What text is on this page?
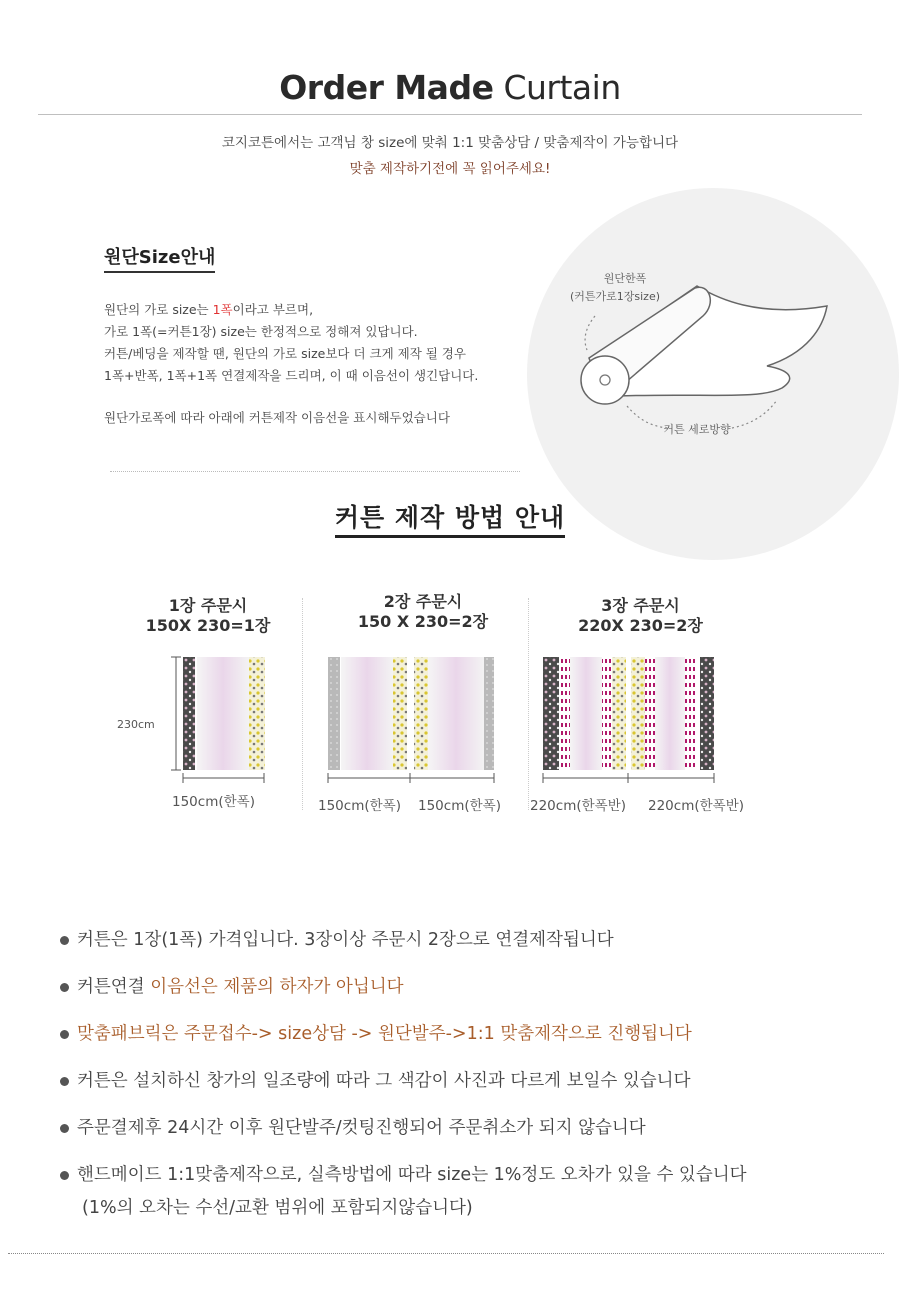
Order Made Curtain
코지코튼에서는 고객님 창 size에 맞춰 1:1 맞춤상담 / 맞춤제작이 가능합니다
맞춤 제작하기전에 꼭 읽어주세요!
원단Size안내
원단의 가로 size는 1폭이라고 부르며,
가로 1폭(=커튼1장) size는 한정적으로 정해져 있답니다.
커튼/베딩을 제작할 땐, 원단의 가로 size보다 더 크게 제작 될 경우
1폭+반폭, 1폭+1폭 연결제작을 드리며, 이 때 이음선이 생긴답니다.
원단가로폭에 따라 아래에 커튼제작 이음선을 표시해두었습니다
원단한폭
(커튼가로1장size)
커튼 세로방향
커튼 제작 방법 안내
1장 주문시
150X 230=1장
2장 주문시
150 X 230=2장
3장 주문시
220X 230=2장
230cm
150cm(한폭)	150cm(한폭) 150cm(한폭) 220cm(한폭반) 220cm(한폭반)
커튼은 1장(1폭) 가격입니다. 3장이상 주문시 2장으로 연결제작됩니다
커튼연결 이음선은 제품의 하자가 아닙니다
맞춤패브릭은 주문접수-> size상담 -> 원단발주->1:1 맞춤제작으로 진행됩니다
커튼은 설치하신 창가의 일조량에 따라 그 색감이 사진과 다르게 보일수 있습니다
주문결제후 24시간 이후 원단발주/컷팅진행되어 주문취소가 되지 않습니다
핸드메이드 1:1맞춤제작으로, 실측방법에 따라 size는 1%정도 오차가 있을 수 있습니다
(1%의 오차는 수선/교환 범위에 포함되지않습니다)
